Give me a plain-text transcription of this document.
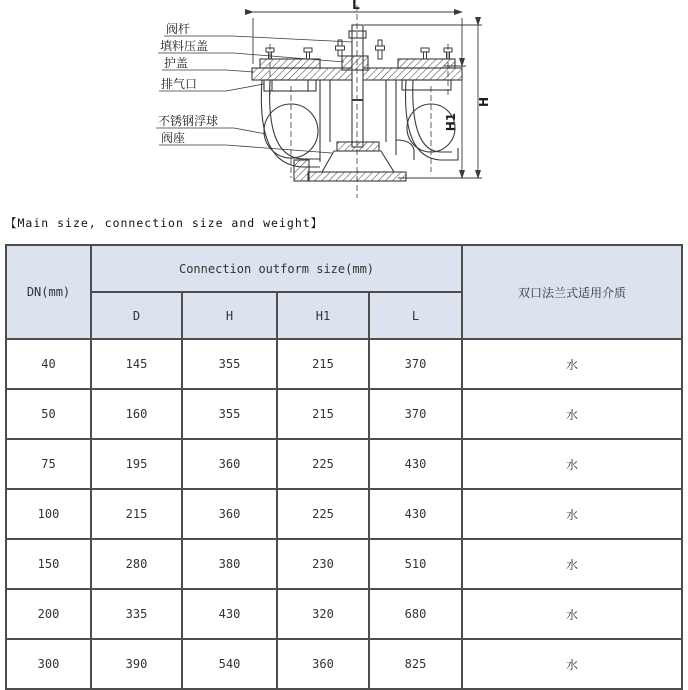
L
H
H1
阀杆
填料压盖
护盖
排气口
不锈钢浮球
阀座
【Main size, connection size and weight】
DN(mm)	Connection outform size(mm)				双口法兰式适用介质
	D	H	H1	L	
40	145	355	215	370	水
50	160	355	215	370	水
75	195	360	225	430	水
100	215	360	225	430	水
150	280	380	230	510	水
200	335	430	320	680	水
300	390	540	360	825	水
